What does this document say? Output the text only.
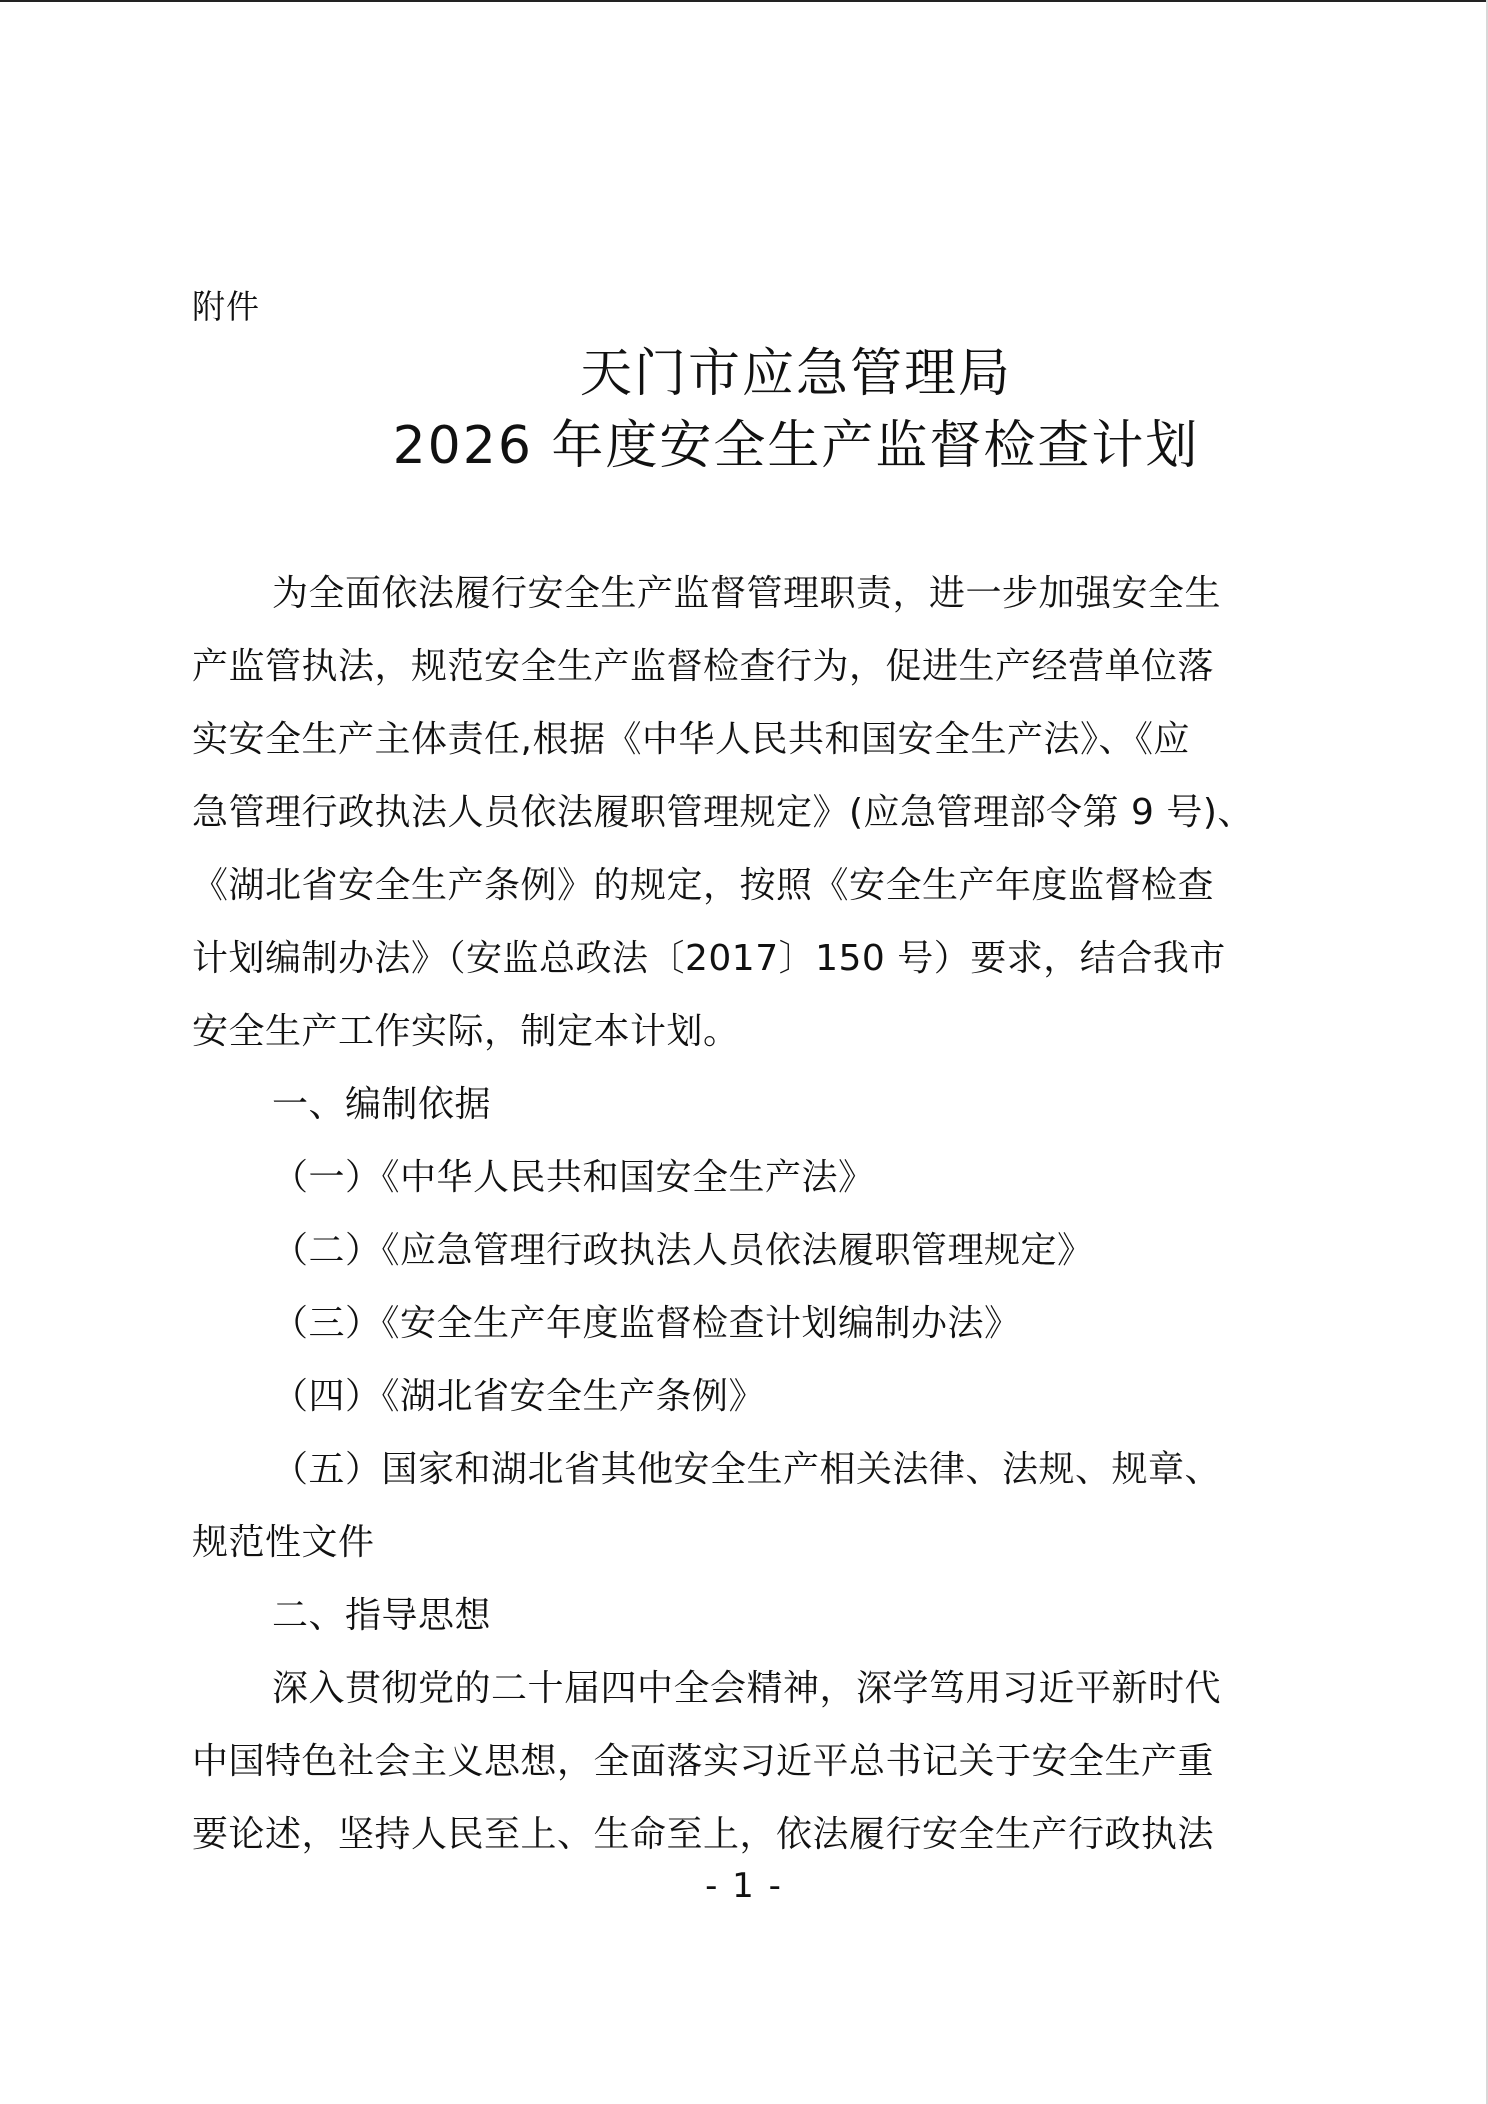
附件
天门市应急管理局
2026 年度安全生产监督检查计划
为全面依法履行安全生产监督管理职责，进一步加强安全生
产监管执法，规范安全生产监督检查行为，促进生产经营单位落
实安全生产主体责任,根据《中华人民共和国安全生产法》、《应
急管理行政执法人员依法履职管理规定》(应急管理部令第 9 号)、
《湖北省安全生产条例》的规定，按照《安全生产年度监督检查
计划编制办法》（安监总政法〔2017〕150 号）要求，结合我市
安全生产工作实际，制定本计划。
一、编制依据
（一）《中华人民共和国安全生产法》
（二）《应急管理行政执法人员依法履职管理规定》
（三）《安全生产年度监督检查计划编制办法》
（四）《湖北省安全生产条例》
（五）国家和湖北省其他安全生产相关法律、法规、规章、
规范性文件
二、指导思想
深入贯彻党的二十届四中全会精神，深学笃用习近平新时代
中国特色社会主义思想，全面落实习近平总书记关于安全生产重
要论述，坚持人民至上、生命至上，依法履行安全生产行政执法
- 1 -
